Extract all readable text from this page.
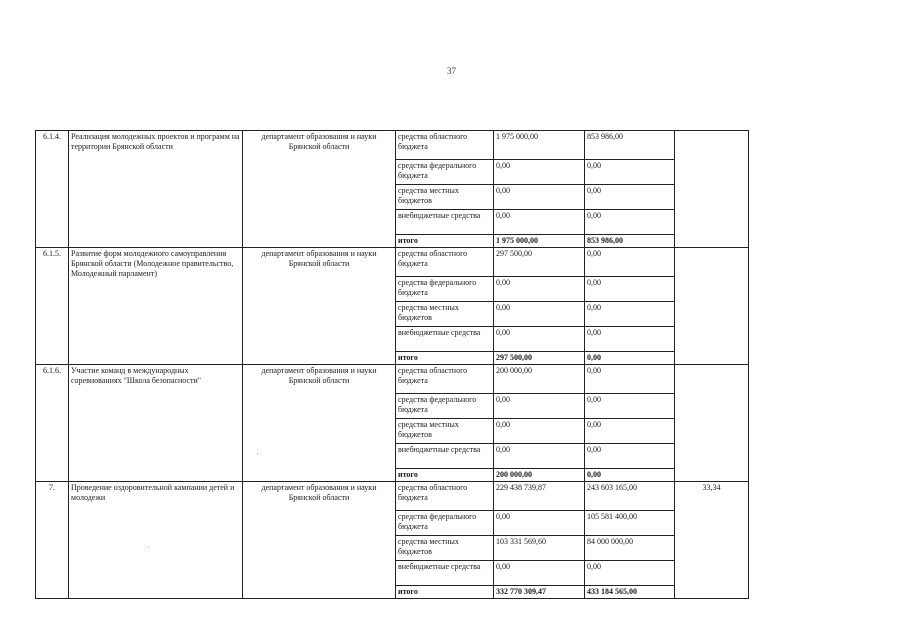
37
6.1.4.	Реализация молодежных проектов и программ на территории Брянской области	департамент образования и науки Брянской области	средства областного бюджета	1 975 000,00	853 986,00	
			средства федерального бюджета	0,00	0,00	
			средства местных бюджетов	0,00	0,00	
			внебюджетные средства	0,00	0,00	
			итого	1 975 000,00	853 986,00	
6.1.5.	Развитие форм молодежного самоуправления Брянской области (Молодежное правительство, Молодежный парламент)	департамент образования и науки Брянской области	средства областного бюджета	297 500,00	0,00	
			средства федерального бюджета	0,00	0,00	
			средства местных бюджетов	0,00	0,00	
			внебюджетные средства	0,00	0,00	
			итого	297 500,00	0,00	
6.1.6.	Участие команд в международных соревнованиях "Школа безопасности"	департамент образования и науки Брянской области	средства областного бюджета	200 000,00	0,00	
			средства федерального бюджета	0,00	0,00	
			средства местных бюджетов	0,00	0,00	
			внебюджетные средства	0,00	0,00	
			итого	200 000,00	0,00	
7.	Проведение оздоровительной кампании детей и молодежи	департамент образования и науки Брянской области	средства областного бюджета	229 438 739,87	243 603 165,00	33,34
			средства федерального бюджета	0,00	105 581 400,00	
			средства местных бюджетов	103 331 569,60	84 000 000,00	
			внебюджетные средства	0,00	0,00	
			итого	332 770 309,47	433 184 565,00	
